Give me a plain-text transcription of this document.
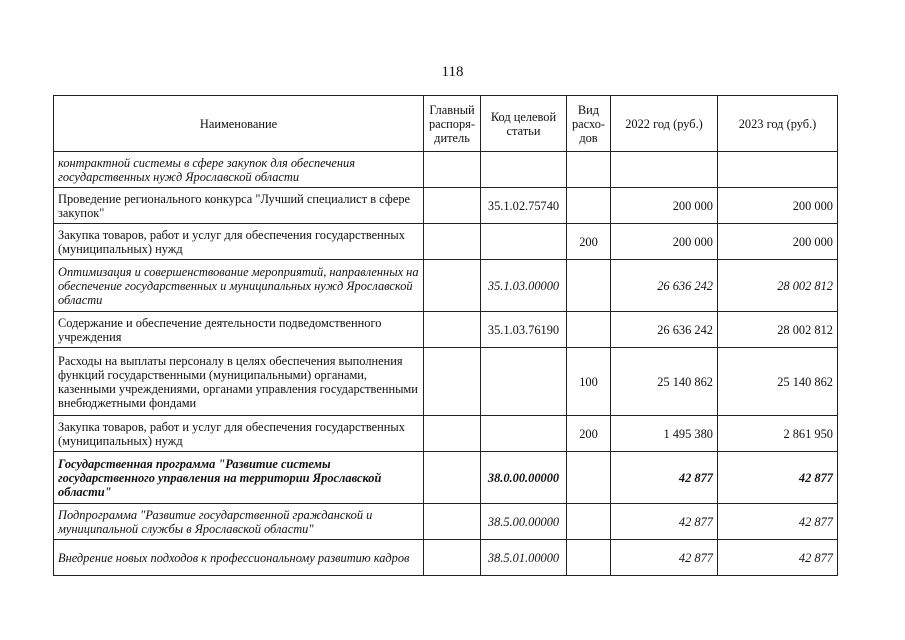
118
Наименование	Главный распоря-дитель	Код целевой статьи	Вид расхо-дов	2022 год (руб.)	2023 год (руб.)
контрактной системы в сфере закупок для обеспечения государственных нужд Ярославской области					
Проведение регионального конкурса "Лучший специалист в сфере закупок"		35.1.02.75740		200 000	200 000
Закупка товаров, работ и услуг для обеспечения государственных (муниципальных) нужд			200	200 000	200 000
Оптимизация и совершенствование мероприятий, направленных на обеспечение государственных и муниципальных нужд Ярославской области		35.1.03.00000		26 636 242	28 002 812
Содержание и обеспечение деятельности подведомственного учреждения		35.1.03.76190		26 636 242	28 002 812
Расходы на выплаты персоналу в целях обеспечения выполнения функций государственными (муниципальными) органами, казенными учреждениями, органами управления государственными внебюджетными фондами			100	25 140 862	25 140 862
Закупка товаров, работ и услуг для обеспечения государственных (муниципальных) нужд			200	1 495 380	2 861 950
Государственная программа "Развитие системы государственного управления на территории Ярославской области"		38.0.00.00000		42 877	42 877
Подпрограмма "Развитие государственной гражданской и муниципальной службы в Ярославской области"		38.5.00.00000		42 877	42 877
Внедрение новых подходов к профессиональному развитию кадров		38.5.01.00000		42 877	42 877
